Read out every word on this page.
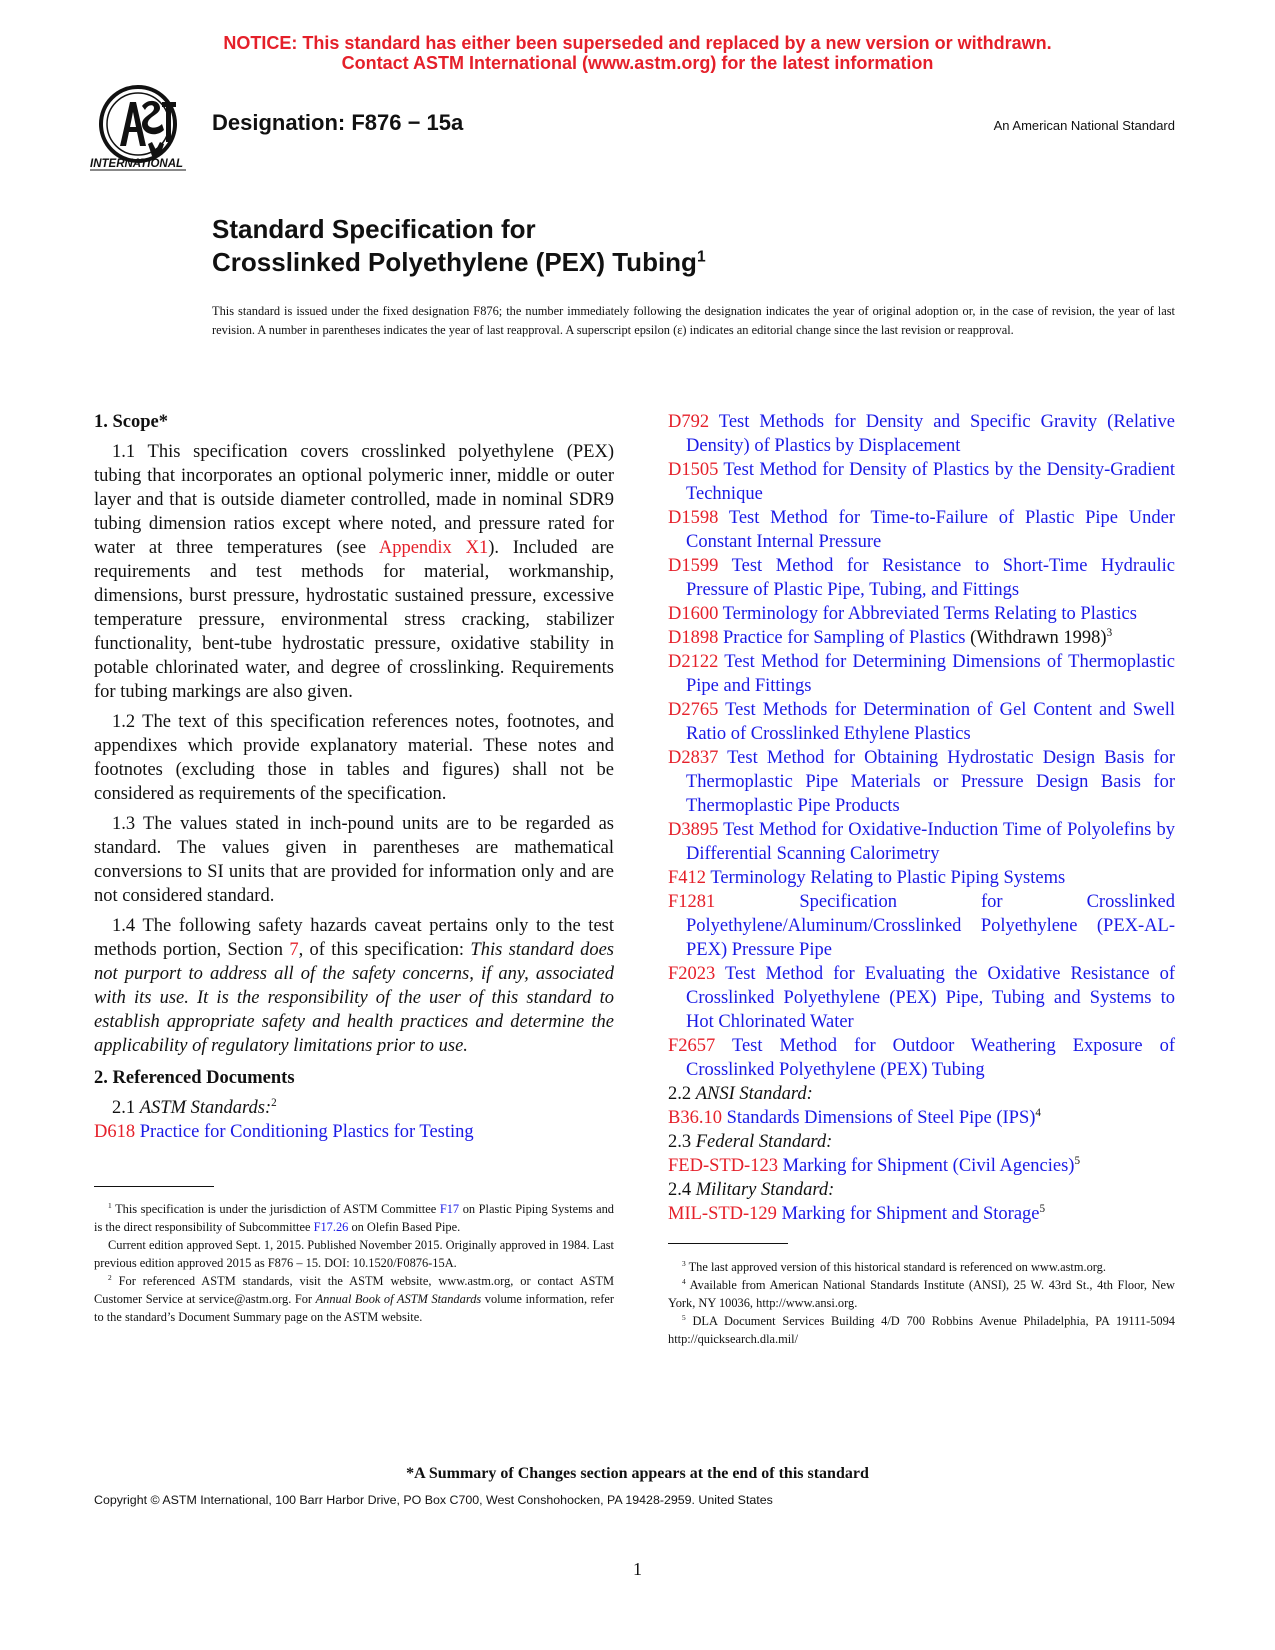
NOTICE: This standard has either been superseded and replaced by a new version or withdrawn.
Contact ASTM International (www.astm.org) for the latest information
INTERNATIONAL
Designation: F876 − 15a	An American National Standard
Standard Specification for
Crosslinked Polyethylene (PEX) Tubing$^1$
This standard is issued under the fixed designation F876; the number immediately following the designation indicates the year of original adoption or, in the case of revision, the year of last revision. A number in parentheses indicates the year of last reapproval. A superscript epsilon (ε) indicates an editorial change since the last revision or reapproval.
1. Scope*

1.1 This specification covers crosslinked polyethylene (PEX) tubing that incorporates an optional polymeric inner, middle or outer layer and that is outside diameter controlled, made in nominal SDR9 tubing dimension ratios except where noted, and pressure rated for water at three temperatures (see Appendix X1). Included are requirements and test methods for material, workmanship, dimensions, burst pressure, hydrostatic sustained pressure, excessive temperature pressure, environmental stress cracking, stabilizer functionality, bent-tube hydrostatic pressure, oxidative stability in potable chlorinated water, and degree of crosslinking. Requirements for tubing markings are also given.

1.2 The text of this specification references notes, footnotes, and appendixes which provide explanatory material. These notes and footnotes (excluding those in tables and figures) shall not be considered as requirements of the specification.

1.3 The values stated in inch-pound units are to be regarded as standard. The values given in parentheses are mathematical conversions to SI units that are provided for information only and are not considered standard.

1.4 The following safety hazards caveat pertains only to the test methods portion, Section 7, of this specification: This standard does not purport to address all of the safety concerns, if any, associated with its use. It is the responsibility of the user of this standard to establish appropriate safety and health practices and determine the applicability of regulatory limitations prior to use.

2. Referenced Documents

2.1 ASTM Standards:$^2$

D618 Practice for Conditioning Plastics for Testing

$^1$ This specification is under the jurisdiction of ASTM Committee F17 on Plastic Piping Systems and is the direct responsibility of Subcommittee F17.26 on Olefin Based Pipe.

Current edition approved Sept. 1, 2015. Published November 2015. Originally approved in 1984. Last previous edition approved 2015 as F876 – 15. DOI: 10.1520/F0876-15A.

$^2$ For referenced ASTM standards, visit the ASTM website, www.astm.org, or contact ASTM Customer Service at service@astm.org. For Annual Book of ASTM Standards volume information, refer to the standard’s Document Summary page on the ASTM website.

D792 Test Methods for Density and Specific Gravity (Relative Density) of Plastics by Displacement

D1505 Test Method for Density of Plastics by the Density-Gradient Technique

D1598 Test Method for Time-to-Failure of Plastic Pipe Under Constant Internal Pressure

D1599 Test Method for Resistance to Short-Time Hydraulic Pressure of Plastic Pipe, Tubing, and Fittings

D1600 Terminology for Abbreviated Terms Relating to Plastics

D1898 Practice for Sampling of Plastics (Withdrawn 1998)$^3$

D2122 Test Method for Determining Dimensions of Thermoplastic Pipe and Fittings

D2765 Test Methods for Determination of Gel Content and Swell Ratio of Crosslinked Ethylene Plastics

D2837 Test Method for Obtaining Hydrostatic Design Basis for Thermoplastic Pipe Materials or Pressure Design Basis for Thermoplastic Pipe Products

D3895 Test Method for Oxidative-Induction Time of Polyolefins by Differential Scanning Calorimetry

F412 Terminology Relating to Plastic Piping Systems

F1281 Specification for Crosslinked Polyethylene/Aluminum/Crosslinked Polyethylene (PEX-AL-PEX) Pressure Pipe

F2023 Test Method for Evaluating the Oxidative Resistance of Crosslinked Polyethylene (PEX) Pipe, Tubing and Systems to Hot Chlorinated Water

F2657 Test Method for Outdoor Weathering Exposure of Crosslinked Polyethylene (PEX) Tubing

2.2 ANSI Standard:

B36.10 Standards Dimensions of Steel Pipe (IPS)$^4$

2.3 Federal Standard:

FED-STD-123 Marking for Shipment (Civil Agencies)$^5$

2.4 Military Standard:

MIL-STD-129 Marking for Shipment and Storage$^5$

$^3$ The last approved version of this historical standard is referenced on www.astm.org.

$^4$ Available from American National Standards Institute (ANSI), 25 W. 43rd St., 4th Floor, New York, NY 10036, http://www.ansi.org.

$^5$ DLA Document Services Building 4/D 700 Robbins Avenue Philadelphia, PA 19111-5094 http://quicksearch.dla.mil/

*A Summary of Changes section appears at the end of this standard
Copyright © ASTM International, 100 Barr Harbor Drive, PO Box C700, West Conshohocken, PA 19428-2959. United States
1
